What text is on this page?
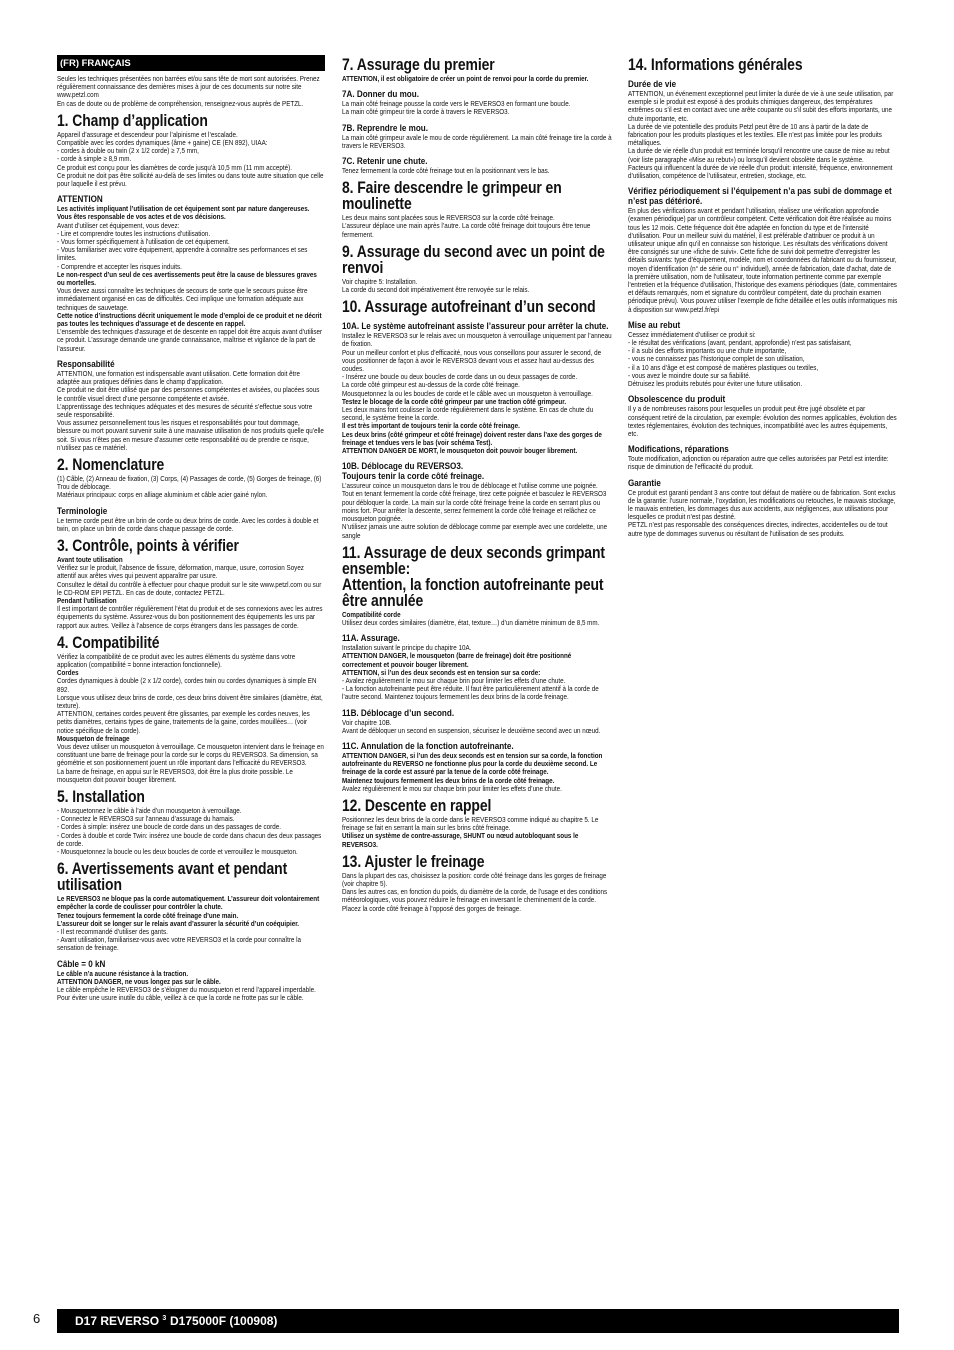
(FR) FRANÇAIS

Seules les techniques présentées non barrées et/ou sans tête de mort sont autorisées. Prenez régulièrement connaissance des dernières mises à jour de ces documents sur notre site www.petzl.com
En cas de doute ou de problème de compréhension, renseignez-vous auprès de PETZL.

1. Champ d’application

Appareil d’assurage et descendeur pour l’alpinisme et l’escalade.
Compatible avec les cordes dynamiques (âme + gaine) CE (EN 892), UIAA:
- cordes à double ou twin (2 x 1/2 corde) ≥ 7,5 mm,
- corde à simple ≥ 8,9 mm.
Ce produit est conçu pour les diamètres de corde jusqu’à 10,5 mm (11 mm accepté).
Ce produit ne doit pas être sollicité au-delà de ses limites ou dans toute autre situation que celle pour laquelle il est prévu.

ATTENTION

Les activités impliquant l’utilisation de cet équipement sont par nature dangereuses.
Vous êtes responsable de vos actes et de vos décisions.

Avant d’utiliser cet équipement, vous devez:
- Lire et comprendre toutes les instructions d’utilisation.
- Vous former spécifiquement à l’utilisation de cet équipement.
- Vous familiariser avec votre équipement, apprendre à connaître ses performances et ses limites.
- Comprendre et accepter les risques induits.

Le non-respect d’un seul de ces avertissements peut être la cause de blessures graves ou mortelles.

Vous devez aussi connaître les techniques de secours de sorte que le secours puisse être immédiatement organisé en cas de difficultés. Ceci implique une formation adéquate aux techniques de sauvetage.

Cette notice d’instructions décrit uniquement le mode d’emploi de ce produit et ne décrit pas toutes les techniques d’assurage et de descente en rappel.

L’ensemble des techniques d’assurage et de descente en rappel doit être acquis avant d’utiliser ce produit. L’assurage demande une grande connaissance, maîtrise et vigilance de la part de l’assureur.

Responsabilité

ATTENTION, une formation est indispensable avant utilisation. Cette formation doit être adaptée aux pratiques définies dans le champ d’application.
Ce produit ne doit être utilisé que par des personnes compétentes et avisées, ou placées sous le contrôle visuel direct d’une personne compétente et avisée.
L’apprentissage des techniques adéquates et des mesures de sécurité s’effectue sous votre seule responsabilité.
Vous assumez personnellement tous les risques et responsabilités pour tout dommage, blessure ou mort pouvant survenir suite à une mauvaise utilisation de nos produits quelle qu’elle soit. Si vous n’êtes pas en mesure d’assumer cette responsabilité ou de prendre ce risque, n’utilisez pas ce matériel.

2. Nomenclature

(1) Câble, (2) Anneau de fixation, (3) Corps, (4) Passages de corde, (5) Gorges de freinage, (6) Trou de déblocage.
Matériaux principaux: corps en alliage aluminium et câble acier gainé nylon.

Terminologie

Le terme corde peut être un brin de corde ou deux brins de corde. Avec les cordes à double et twin, on place un brin de corde dans chaque passage de corde.

3. Contrôle, points à vérifier

Avant toute utilisation

Vérifiez sur le produit, l’absence de fissure, déformation, marque, usure, corrosion Soyez attentif aux arêtes vives qui peuvent apparaître par usure.
Consultez le détail du contrôle à effectuer pour chaque produit sur le site www.petzl.com ou sur le CD-ROM EPI PETZL. En cas de doute, contactez PETZL.

Pendant l’utilisation

Il est important de contrôler régulièrement l’état du produit et de ses connexions avec les autres équipements du système. Assurez-vous du bon positionnement des équipements les uns par rapport aux autres. Veillez à l’absence de corps étrangers dans les passages de corde.

4. Compatibilité

Vérifiez la compatibilité de ce produit avec les autres éléments du système dans votre application (compatibilité = bonne interaction fonctionnelle).

Cordes

Cordes dynamiques à double (2 x 1/2 corde), cordes twin ou cordes dynamiques à simple EN 892.
Lorsque vous utilisez deux brins de corde, ces deux brins doivent être similaires (diamètre, état, texture).
ATTENTION, certaines cordes peuvent être glissantes, par exemple les cordes neuves, les petits diamètres, certains types de gaine, traitements de la gaine, cordes mouillées… (voir notice spécifique de la corde).

Mousqueton de freinage

Vous devez utiliser un mousqueton à verrouillage. Ce mousqueton intervient dans le freinage en constituant une barre de freinage pour la corde sur le corps du REVERSO3. Sa dimension, sa géométrie et son positionnement jouent un rôle important dans l’efficacité du REVERSO3.
La barre de freinage, en appui sur le REVERSO3, doit être la plus droite possible. Le mousqueton doit pouvoir bouger librement.

5. Installation

- Mousquetonnez le câble à l’aide d’un mousqueton à verrouillage.
- Connectez le REVERSO3 sur l’anneau d’assurage du harnais.
- Cordes à simple: insérez une boucle de corde dans un des passages de corde.
- Cordes à double et corde Twin: insérez une boucle de corde dans chacun des deux passages de corde.
- Mousquetonnez la boucle ou les deux boucles de corde et verrouillez le mousqueton.

6. Avertissements avant et pendant utilisation

Le REVERSO3 ne bloque pas la corde automatiquement. L’assureur doit volontairement empêcher la corde de coulisser pour contrôler la chute.
Tenez toujours fermement la corde côté freinage d’une main.
L’assureur doit se longer sur le relais avant d’assurer la sécurité d’un coéquipier.

- Il est recommandé d’utiliser des gants.
- Avant utilisation, familiarisez-vous avec votre REVERSO3 et la corde pour connaître la sensation de freinage.

Câble = 0 kN

Le câble n’a aucune résistance à la traction.
ATTENTION DANGER, ne vous longez pas sur le câble.

Le câble empêche le REVERSO3 de s’éloigner du mousqueton et rend l’appareil imperdable. Pour éviter une usure inutile du câble, veillez à ce que la corde ne frotte pas sur le câble.

7. Assurage du premier

ATTENTION, il est obligatoire de créer un point de renvoi pour la corde du premier.

7A. Donner du mou.

La main côté freinage pousse la corde vers le REVERSO3 en formant une boucle.
La main côté grimpeur tire la corde à travers le REVERSO3.

7B. Reprendre le mou.

La main côté grimpeur avale le mou de corde régulièrement. La main côté freinage tire la corde à travers le REVERSO3.

7C. Retenir une chute.

Tenez fermement la corde côté freinage tout en la positionnant vers le bas.

8. Faire descendre le grimpeur en moulinette

Les deux mains sont placées sous le REVERSO3 sur la corde côté freinage.
L’assureur déplace une main après l’autre. La corde côté freinage doit toujours être tenue fermement.

9. Assurage du second avec un point de renvoi

Voir chapitre 5: Installation.
La corde du second doit impérativement être renvoyée sur le relais.

10. Assurage autofreinant d’un second
10A. Le système autofreinant assiste l’assureur pour arrêter la chute.

Installez le REVERSO3 sur le relais avec un mousqueton à verrouillage uniquement par l’anneau de fixation.
Pour un meilleur confort et plus d’efficacité, nous vous conseillons pour assurer le second, de vous positionner de façon à avoir le REVERSO3 devant vous et assez haut au-dessus des coudes.
- Insérez une boucle ou deux boucles de corde dans un ou deux passages de corde.
La corde côté grimpeur est au-dessus de la corde côté freinage.
Mousquetonnez la ou les boucles de corde et le câble avec un mousqueton à verrouillage.

Testez le blocage de la corde côté grimpeur par une traction côté grimpeur.

Les deux mains font coulisser la corde régulièrement dans le système. En cas de chute du second, le système freine la corde.

Il est très important de toujours tenir la corde côté freinage.
Les deux brins (côté grimpeur et côté freinage) doivent rester dans l’axe des gorges de freinage et tendues vers le bas (voir schéma Test).
ATTENTION DANGER DE MORT, le mousqueton doit pouvoir bouger librement.

10B. Déblocage du REVERSO3.
Toujours tenir la corde côté freinage.

L’assureur coince un mousqueton dans le trou de déblocage et l’utilise comme une poignée.
Tout en tenant fermement la corde côté freinage, tirez cette poignée et basculez le REVERSO3 pour débloquer la corde. La main sur la corde côté freinage freine la corde en serrant plus ou moins fort. Pour arrêter la descente, serrez fermement la corde côté freinage et relâchez ce mousqueton poignée.
N’utilisez jamais une autre solution de déblocage comme par exemple avec une cordelette, une sangle

11. Assurage de deux seconds grimpant ensemble:
Attention, la fonction autofreinante peut être annulée

Compatibilité corde

Utilisez deux cordes similaires (diamètre, état, texture…) d’un diamètre minimum de 8,5 mm.

11A. Assurage.

Installation suivant le principe du chapitre 10A.

ATTENTION DANGER, le mousqueton (barre de freinage) doit être positionné correctement et pouvoir bouger librement.
ATTENTION, si l’un des deux seconds est en tension sur sa corde:

- Avalez régulièrement le mou sur chaque brin pour limiter les effets d’une chute.
- La fonction autofreinante peut être réduite. Il faut être particulièrement attentif à la corde de l’autre second. Maintenez toujours fermement les deux brins de la corde freinage.

11B. Déblocage d’un second.

Voir chapitre 10B.
Avant de débloquer un second en suspension, sécurisez le deuxième second avec un nœud.

11C. Annulation de la fonction autofreinante.

ATTENTION DANGER, si l’un des deux seconds est en tension sur sa corde, la fonction autofreinante du REVERSO ne fonctionne plus pour la corde du deuxième second. Le freinage de la corde est assuré par la tenue de la corde côté freinage.
Maintenez toujours fermement les deux brins de la corde côté freinage.

Avalez régulièrement le mou sur chaque brin pour limiter les effets d’une chute.

12. Descente en rappel

Positionnez les deux brins de la corde dans le REVERSO3 comme indiqué au chapitre 5. Le freinage se fait en serrant la main sur les brins côté freinage.

Utilisez un système de contre-assurage, SHUNT ou nœud autobloquant sous le REVERSO3.

13. Ajuster le freinage

Dans la plupart des cas, choisissez la position: corde côté freinage dans les gorges de freinage (voir chapitre 5).
Dans les autres cas, en fonction du poids, du diamètre de la corde, de l’usage et des conditions météorologiques, vous pouvez réduire le freinage en inversant le cheminement de la corde. Placez la corde côté freinage à l’opposé des gorges de freinage.

14. Informations générales
Durée de vie

ATTENTION, un événement exceptionnel peut limiter la durée de vie à une seule utilisation, par exemple si le produit est exposé à des produits chimiques dangereux, des températures extrêmes ou s’il est en contact avec une arête coupante ou s’il subit des efforts importants, une chute importante, etc.
La durée de vie potentielle des produits Petzl peut être de 10 ans à partir de la date de fabrication pour les produits plastiques et les textiles. Elle n’est pas limitée pour les produits métalliques.
La durée de vie réelle d’un produit est terminée lorsqu’il rencontre une cause de mise au rebut (voir liste paragraphe «Mise au rebut») ou lorsqu’il devient obsolète dans le système.
Facteurs qui influencent la durée de vie réelle d’un produit: intensité, fréquence, environnement d’utilisation, compétence de l’utilisateur, entretien, stockage, etc.

Vérifiez périodiquement si l’équipement n’a pas subi de dommage et n’est pas détérioré.

En plus des vérifications avant et pendant l’utilisation, réalisez une vérification approfondie (examen périodique) par un contrôleur compétent. Cette vérification doit être réalisée au moins tous les 12 mois. Cette fréquence doit être adaptée en fonction du type et de l’intensité d’utilisation. Pour un meilleur suivi du matériel, il est préférable d’attribuer ce produit à un utilisateur unique afin qu’il en connaisse son historique. Les résultats des vérifications doivent être consignés sur une «fiche de suivi». Cette fiche de suivi doit permettre d’enregistrer les détails suivants: type d’équipement, modèle, nom et coordonnées du fabricant ou du fournisseur, moyen d’identification (n° de série ou n° individuel), année de fabrication, date d’achat, date de la première utilisation, nom de l’utilisateur, toute information pertinente comme par exemple l’entretien et la fréquence d’utilisation, l’historique des examens périodiques (date, commentaires et défauts remarqués, nom et signature du contrôleur compétent, date du prochain examen périodique prévu). Vous pouvez utiliser l’exemple de fiche détaillée et les outils informatiques mis à disposition sur www.petzl.fr/epi

Mise au rebut

Cessez immédiatement d’utiliser ce produit si:
- le résultat des vérifications (avant, pendant, approfondie) n’est pas satisfaisant,
- il a subi des efforts importants ou une chute importante,
- vous ne connaissez pas l’historique complet de son utilisation,
- il a 10 ans d’âge et est composé de matières plastiques ou textiles,
- vous avez le moindre doute sur sa fiabilité.
Détruisez les produits rebutés pour éviter une future utilisation.

Obsolescence du produit

Il y a de nombreuses raisons pour lesquelles un produit peut être jugé obsolète et par conséquent retiré de la circulation, par exemple: évolution des normes applicables, évolution des textes réglementaires, évolution des techniques, incompatibilité avec les autres équipements, etc.

Modifications, réparations

Toute modification, adjonction ou réparation autre que celles autorisées par Petzl est interdite: risque de diminution de l’efficacité du produit.

Garantie

Ce produit est garanti pendant 3 ans contre tout défaut de matière ou de fabrication. Sont exclus de la garantie: l’usure normale, l’oxydation, les modifications ou retouches, le mauvais stockage, le mauvais entretien, les dommages dus aux accidents, aux négligences, aux utilisations pour lesquelles ce produit n’est pas destiné.
PETZL n’est pas responsable des conséquences directes, indirectes, accidentelles ou de tout autre type de dommages survenus ou résultant de l’utilisation de ses produits.

6	D17 REVERSO $^3$ D175000F (100908)
